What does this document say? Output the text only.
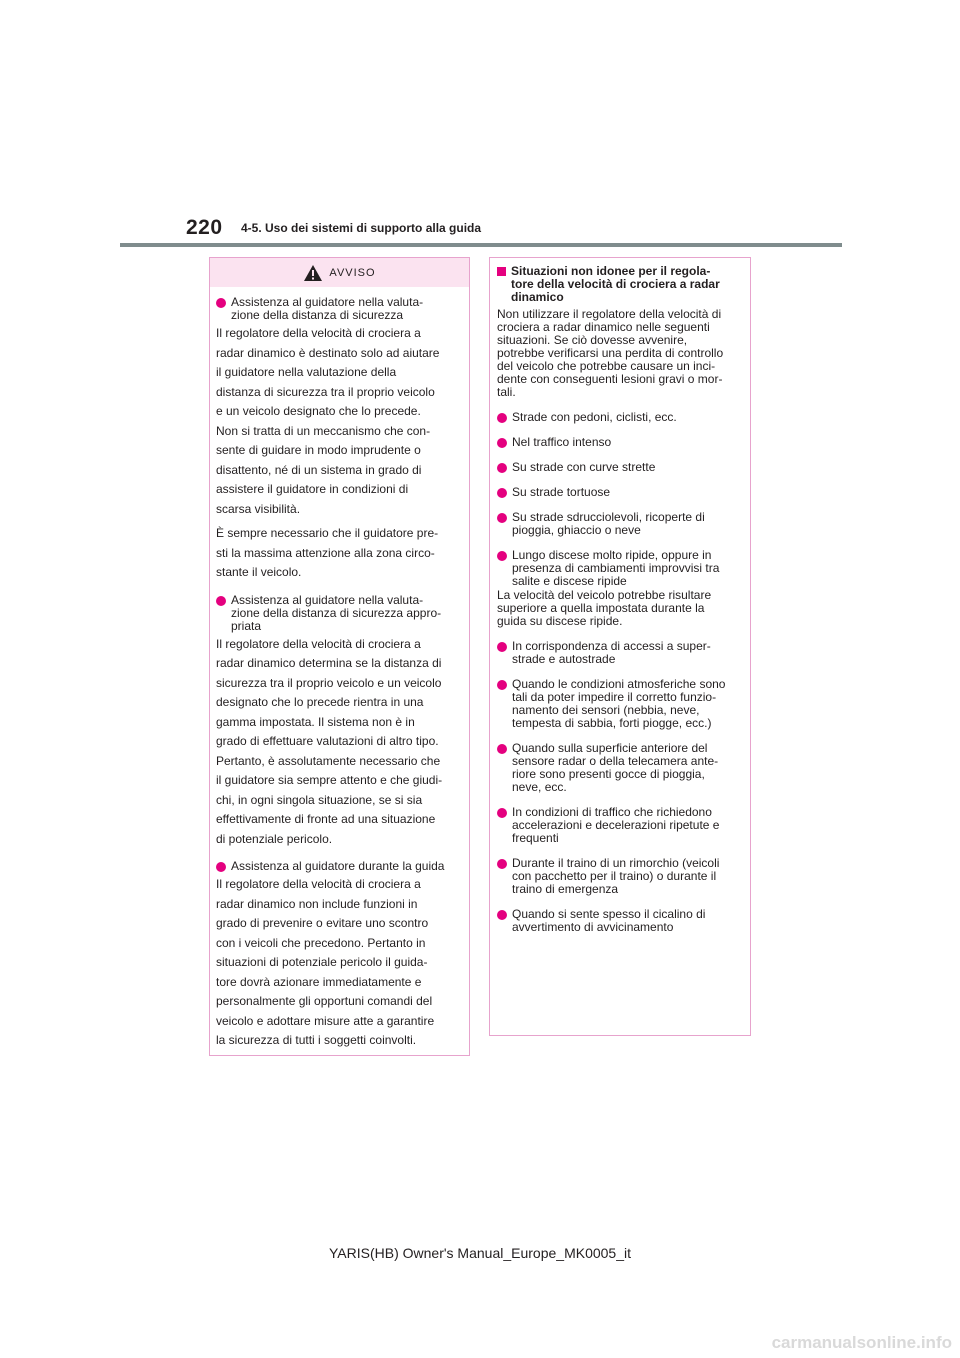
220 4-5. Uso dei sistemi di supporto alla guida
AVVISO
Assistenza al guidatore nella valuta-
zione della distanza di sicurezza
Il regolatore della velocità di crociera a
radar dinamico è destinato solo ad aiutare
il guidatore nella valutazione della
distanza di sicurezza tra il proprio veicolo
e un veicolo designato che lo precede.
Non si tratta di un meccanismo che con-
sente di guidare in modo imprudente o
disattento, né di un sistema in grado di
assistere il guidatore in condizioni di
scarsa visibilità.
È sempre necessario che il guidatore pre-
sti la massima attenzione alla zona circo-
stante il veicolo.
Assistenza al guidatore nella valuta-
zione della distanza di sicurezza appro-
priata
Il regolatore della velocità di crociera a
radar dinamico determina se la distanza di
sicurezza tra il proprio veicolo e un veicolo
designato che lo precede rientra in una
gamma impostata. Il sistema non è in
grado di effettuare valutazioni di altro tipo.
Pertanto, è assolutamente necessario che
il guidatore sia sempre attento e che giudi-
chi, in ogni singola situazione, se si sia
effettivamente di fronte ad una situazione
di potenziale pericolo.
Assistenza al guidatore durante la guida
Il regolatore della velocità di crociera a
radar dinamico non include funzioni in
grado di prevenire o evitare uno scontro
con i veicoli che precedono. Pertanto in
situazioni di potenziale pericolo il guida-
tore dovrà azionare immediatamente e
personalmente gli opportuni comandi del
veicolo e adottare misure atte a garantire
la sicurezza di tutti i soggetti coinvolti.
Situazioni non idonee per il regola-
tore della velocità di crociera a radar
dinamico
Non utilizzare il regolatore della velocità di
crociera a radar dinamico nelle seguenti
situazioni. Se ciò dovesse avvenire,
potrebbe verificarsi una perdita di controllo
del veicolo che potrebbe causare un inci-
dente con conseguenti lesioni gravi o mor-
tali.
Strade con pedoni, ciclisti, ecc.
Nel traffico intenso
Su strade con curve strette
Su strade tortuose
Su strade sdrucciolevoli, ricoperte di
pioggia, ghiaccio o neve
Lungo discese molto ripide, oppure in
presenza di cambiamenti improvvisi tra
salite e discese ripide
La velocità del veicolo potrebbe risultare
superiore a quella impostata durante la
guida su discese ripide.
In corrispondenza di accessi a super-
strade e autostrade
Quando le condizioni atmosferiche sono
tali da poter impedire il corretto funzio-
namento dei sensori (nebbia, neve,
tempesta di sabbia, forti piogge, ecc.)
Quando sulla superficie anteriore del
sensore radar o della telecamera ante-
riore sono presenti gocce di pioggia,
neve, ecc.
In condizioni di traffico che richiedono
accelerazioni e decelerazioni ripetute e
frequenti
Durante il traino di un rimorchio (veicoli
con pacchetto per il traino) o durante il
traino di emergenza
Quando si sente spesso il cicalino di
avvertimento di avvicinamento
YARIS(HB) Owner's Manual_Europe_MK0005_it
carmanualsonline.info
